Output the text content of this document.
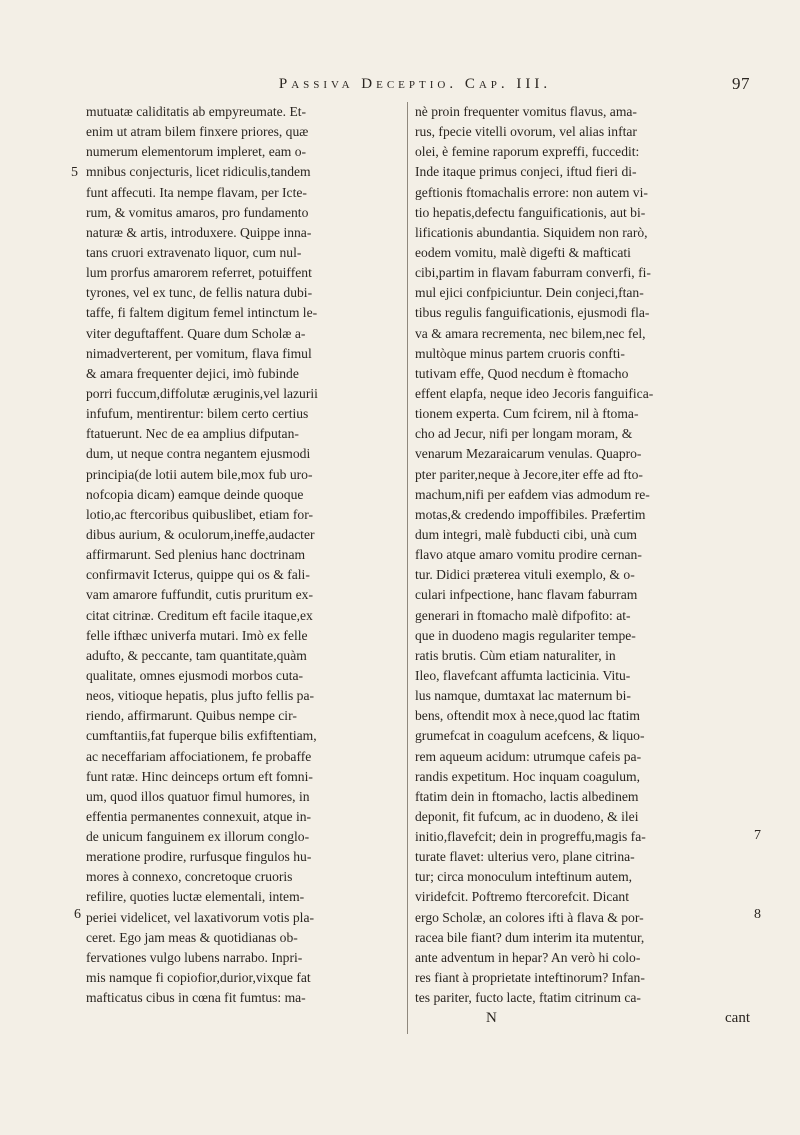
Passiva Deceptio. Cap. III.	97
mutuatæ caliditatis ab empyreumate. Et-
enim ut atram bilem finxere priores, quæ
numerum elementorum impleret, eam o-
mnibus conjecturis, licet ridiculis,tandem
funt affecuti. Ita nempe flavam, per Icte-
rum, & vomitus amaros, pro fundamento
naturæ & artis, introduxere. Quippe inna-
tans cruori extravenato liquor, cum nul-
lum prorfus amarorem referret, potuiffent
tyrones, vel ex tunc, de fellis natura dubi-
taffe, fi faltem digitum femel intinctum le-
viter deguftaffent. Quare dum Scholæ a-
nimadverterent, per vomitum, flava fimul
& amara frequenter dejici, imò fubinde
porri fuccum,diffolutæ æruginis,vel lazurii
infufum, mentirentur: bilem certo certius
ftatuerunt. Nec de ea amplius difputan-
dum, ut neque contra negantem ejusmodi
principia(de lotii autem bile,mox fub uro-
nofcopia dicam) eamque deinde quoque
lotio,ac ftercoribus quibuslibet, etiam for-
dibus aurium, & oculorum,ineffe,audacter
affirmarunt. Sed plenius hanc doctrinam
confirmavit Icterus, quippe qui os & fali-
vam amarore fuffundit, cutis pruritum ex-
citat citrinæ. Creditum eft facile itaque,ex
felle ifthæc univerfa mutari. Imò ex felle
adufto, & peccante, tam quantitate,quàm
qualitate, omnes ejusmodi morbos cuta-
neos, vitioque hepatis, plus jufto fellis pa-
riendo, affirmarunt. Quibus nempe cir-
cumftantiis,fat fuperque bilis exfiftentiam,
ac neceffariam affociationem, fe probaffe
funt ratæ. Hinc deinceps ortum eft fomni-
um, quod illos quatuor fimul humores, in
effentia permanentes connexuit, atque in-
de unicum fanguinem ex illorum conglo-
meratione prodire, rurfusque fingulos hu-
mores à connexo, concretoque cruoris
refilire, quoties luctæ elementali, intem-
periei videlicet, vel laxativorum votis pla-
ceret. Ego jam meas & quotidianas ob-
fervationes vulgo lubens narrabo. Inpri-
mis namque fi copiofior,durior,vixque fat
mafticatus cibus in cœna fit fumtus: ma-
nè proin frequenter vomitus flavus, ama-
rus, fpecie vitelli ovorum, vel alias inftar
olei, è femine raporum expreffi, fuccedit:
Inde itaque primus conjeci, iftud fieri di-
geftionis ftomachalis errore: non autem vi-
tio hepatis,defectu fanguificationis, aut bi-
lificationis abundantia. Siquidem non rarò,
eodem vomitu, malè digefti & mafticati
cibi,partim in flavam faburram converfi, fi-
mul ejici confpiciuntur. Dein conjeci,ftan-
tibus regulis fanguificationis, ejusmodi fla-
va & amara recrementa, nec bilem,nec fel,
multòque minus partem cruoris confti-
tutivam effe, Quod necdum è ftomacho
effent elapfa, neque ideo Jecoris fanguifica-
tionem experta. Cum fcirem, nil à ftoma-
cho ad Jecur, nifi per longam moram, &
venarum Mezaraicarum venulas. Quapro-
pter pariter,neque à Jecore,iter effe ad fto-
machum,nifi per eafdem vias admodum re-
motas,& credendo impoffibiles. Præfertim
dum integri, malè fubducti cibi, unà cum
flavo atque amaro vomitu prodire cernan-
tur. Didici præterea vituli exemplo, & o-
culari infpectione, hanc flavam faburram
generari in ftomacho malè difpofito: at-
que in duodeno magis regulariter tempe-
ratis brutis. Cùm etiam naturaliter, in
Ileo, flavefcant affumta lacticinia. Vitu-
lus namque, dumtaxat lac maternum bi-
bens, oftendit mox à nece,quod lac ftatim
grumefcat in coagulum acefcens, & liquo-
rem aqueum acidum: utrumque cafeis pa-
randis expetitum. Hoc inquam coagulum,
ftatim dein in ftomacho, lactis albedinem
deponit, fit fufcum, ac in duodeno, & ilei
initio,flavefcit; dein in progreffu,magis fa-
turate flavet: ulterius vero, plane citrina-
tur; circa monoculum inteftinum autem,
viridefcit. Poftremo ftercorefcit. Dicant
ergo Scholæ, an colores ifti à flava & por-
racea bile fiant? dum interim ita mutentur,
ante adventum in hepar? An verò hi colo-
res fiant à proprietate inteftinorum? Infan-
tes pariter, fucto lacte, ftatim citrinum ca-
5
6
7
8
N	cant
